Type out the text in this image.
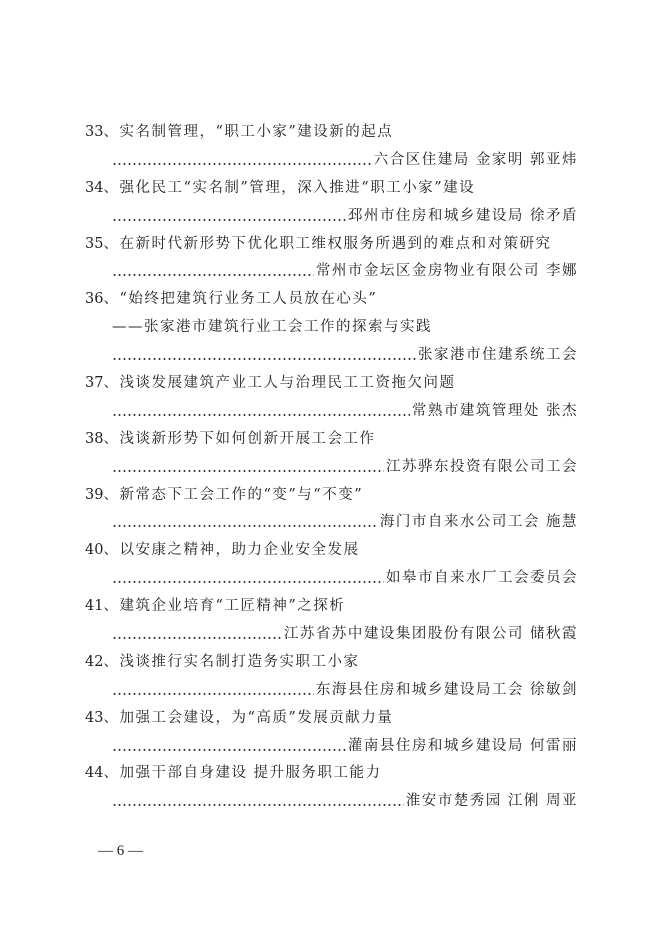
33、实名制管理，“职工小家”建设新的起点
六合区住建局 金家明 郭亚炜
34、强化民工“实名制”管理，深入推进“职工小家”建设
邳州市住房和城乡建设局 徐矛盾
35、在新时代新形势下优化职工维权服务所遇到的难点和对策研究
常州市金坛区金房物业有限公司 李娜
36、“始终把建筑行业务工人员放在心头”
——张家港市建筑行业工会工作的探索与实践
张家港市住建系统工会
37、浅谈发展建筑产业工人与治理民工工资拖欠问题
常熟市建筑管理处 张杰
38、浅谈新形势下如何创新开展工会工作
江苏骅东投资有限公司工会
39、新常态下工会工作的“变”与“不变”
海门市自来水公司工会 施慧
40、以安康之精神，助力企业安全发展
如皋市自来水厂工会委员会
41、建筑企业培育“工匠精神”之探析
江苏省苏中建设集团股份有限公司 储秋霞
42、浅谈推行实名制打造务实职工小家
东海县住房和城乡建设局工会 徐敏剑
43、加强工会建设，为“高质”发展贡献力量
灌南县住房和城乡建设局 何雷丽
44、加强干部自身建设 提升服务职工能力
淮安市楚秀园 江俐 周亚
— 6 —
